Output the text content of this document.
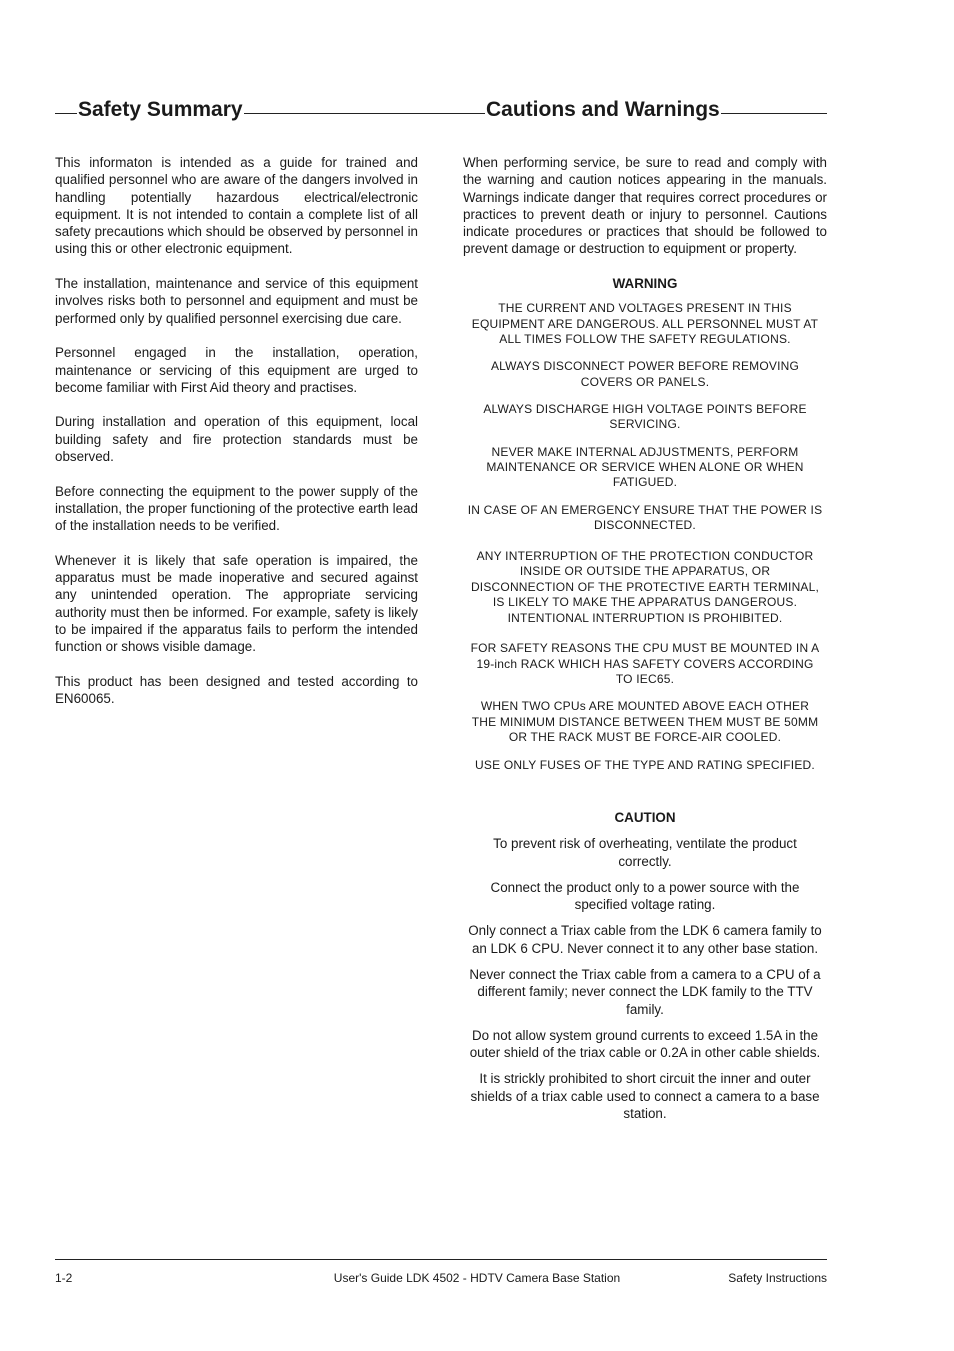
Safety Summary	Cautions and Warnings

This informaton is intended as a guide for trained and qualified personnel who are aware of the dangers involved in handling potentially hazardous electrical/electronic equipment. It is not intended to contain a complete list of all safety precautions which should be observed by personnel in using this or other electronic equipment.

The installation, maintenance and service of this equipment involves risks both to personnel and equipment and must be performed only by qualified personnel exercising due care.

Personnel engaged in the installation, operation, maintenance or servicing of this equipment are urged to become familiar with First Aid theory and practises.

During installation and operation of this equipment, local building safety and fire protection standards must be observed.

Before connecting the equipment to the power supply of the installation, the proper functioning of the protective earth lead of the installation needs to be verified.

Whenever it is likely that safe operation is impaired, the apparatus must be made inoperative and secured against any unintended operation. The appropriate servicing authority must then be informed. For example, safety is likely to be impaired if the apparatus fails to perform the intended function or shows visible damage.

This product has been designed and tested according to EN60065.

When performing service, be sure to read and comply with the warning and caution notices appearing in the manuals. Warnings indicate danger that requires correct procedures or practices to prevent death or injury to personnel. Cautions indicate procedures or practices that should be followed to prevent damage or destruction to equipment or property.

WARNING
THE CURRENT AND VOLTAGES PRESENT IN THIS EQUIPMENT ARE DANGEROUS. ALL PERSONNEL MUST AT ALL TIMES FOLLOW THE SAFETY REGULATIONS.
ALWAYS DISCONNECT POWER BEFORE REMOVING COVERS OR PANELS.
ALWAYS DISCHARGE HIGH VOLTAGE POINTS BEFORE SERVICING.
NEVER MAKE INTERNAL ADJUSTMENTS, PERFORM MAINTENANCE OR SERVICE WHEN ALONE OR WHEN FATIGUED.
IN CASE OF AN EMERGENCY ENSURE THAT THE POWER IS DISCONNECTED.
ANY INTERRUPTION OF THE PROTECTION CONDUCTOR INSIDE OR OUTSIDE THE APPARATUS, OR DISCONNECTION OF THE PROTECTIVE EARTH TERMINAL, IS LIKELY TO MAKE THE APPARATUS DANGEROUS. INTENTIONAL INTERRUPTION IS PROHIBITED.
FOR SAFETY REASONS THE CPU MUST BE MOUNTED IN A 19-inch RACK WHICH HAS SAFETY COVERS ACCORDING TO IEC65.
WHEN TWO CPUs ARE MOUNTED ABOVE EACH OTHER THE MINIMUM DISTANCE BETWEEN THEM MUST BE 50MM OR THE RACK MUST BE FORCE-AIR COOLED.
USE ONLY FUSES OF THE TYPE AND RATING SPECIFIED.
CAUTION
To prevent risk of overheating, ventilate the product correctly.
Connect the product only to a power source with the specified voltage rating.
Only connect a Triax cable from the LDK 6 camera family to an LDK 6 CPU. Never connect it to any other base station.
Never connect the Triax cable from a camera to a CPU of a different family; never connect the LDK family to the TTV family.
Do not allow system ground currents to exceed 1.5A in the outer shield of the triax cable or 0.2A in other cable shields.
It is strickly prohibited to short circuit the inner and outer shields of a triax cable used to connect a camera to a base station.
1-2	User's Guide LDK 4502 - HDTV Camera Base Station	Safety Instructions
